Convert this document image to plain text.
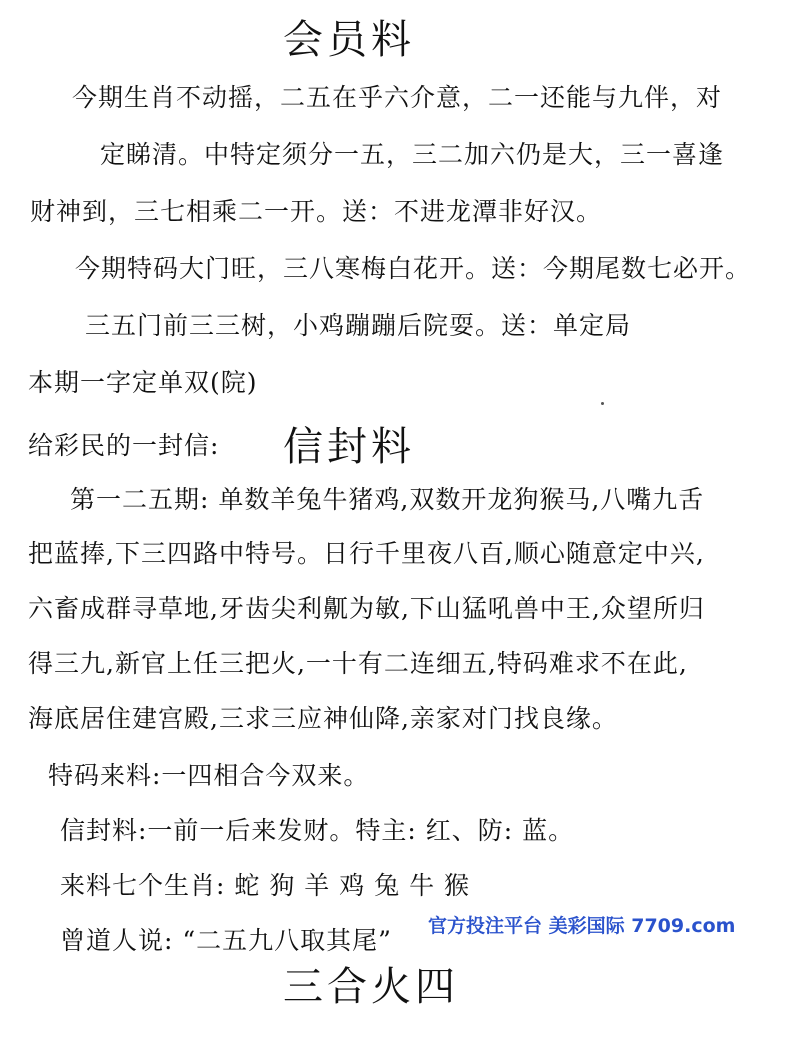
会员料
今期生肖不动摇，二五在乎六介意，二一还能与九伴，对
定睇清。中特定须分一五，三二加六仍是大，三一喜逢
财神到，三七相乘二一开。送：不进龙潭非好汉。
今期特码大门旺，三八寒梅白花开。送：今期尾数七必开。
三五门前三三树，小鸡蹦蹦后院耍。送：单定局
本期一字定单双(院)
给彩民的一封信: 信封料
第一二五期: 单数羊兔牛猪鸡,双数开龙狗猴马,八嘴九舌
把蓝捧,下三四路中特号。日行千里夜八百,顺心随意定中兴,
六畜成群寻草地,牙齿尖利鼿为敏,下山猛吼兽中王,众望所归
得三九,新官上任三把火,一十有二连细五,特码难求不在此,
海底居住建宫殿,三求三应神仙降,亲家对门找良缘。
特码来料:一四相合今双来。
信封料:一前一后来发财。特主: 红、防: 蓝。
来料七个生肖: 蛇 狗 羊 鸡 兔 牛 猴
曾道人说: “二五九八取其尾” 官方投注平台 美彩国际 7709.com
三合火四
